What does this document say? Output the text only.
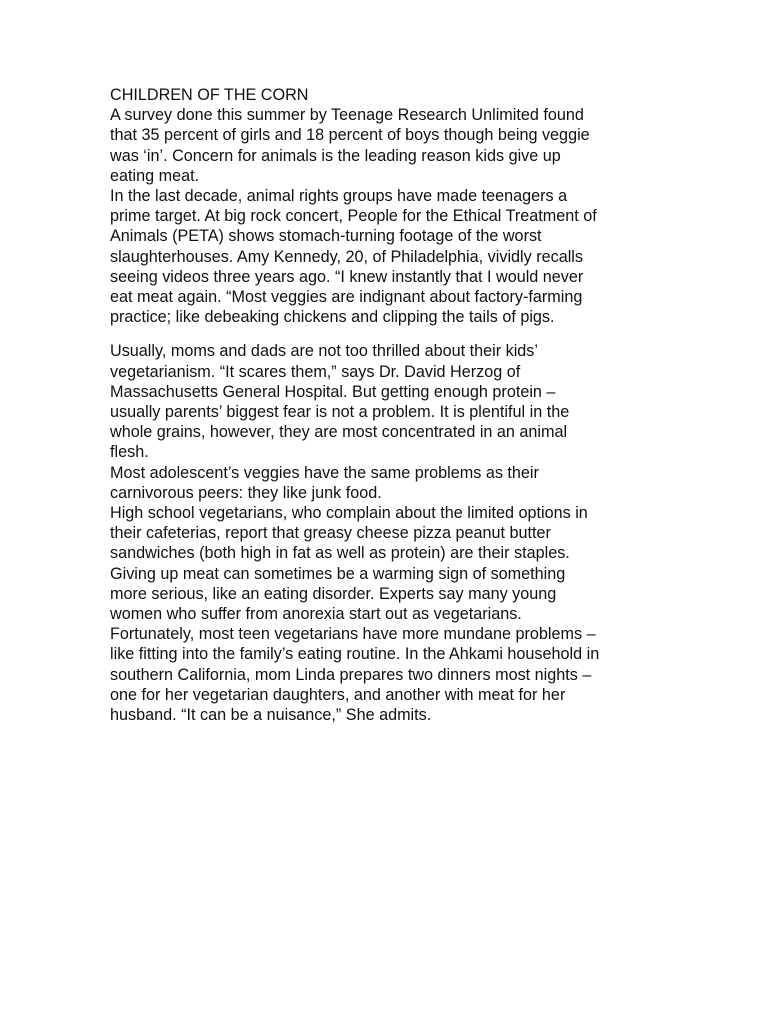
CHILDREN OF THE CORN
A survey done this summer by Teenage Research Unlimited found
that 35 percent of girls and 18 percent of boys though being veggie
was ‘in’. Concern for animals is the leading reason kids give up
eating meat.
In the last decade, animal rights groups have made teenagers a
prime target. At big rock concert, People for the Ethical Treatment of
Animals (PETA) shows stomach-turning footage of the worst
slaughterhouses. Amy Kennedy, 20, of Philadelphia, vividly recalls
seeing videos three years ago. “I knew instantly that I would never
eat meat again. “Most veggies are indignant about factory-farming
practice; like debeaking chickens and clipping the tails of pigs.
Usually, moms and dads are not too thrilled about their kids’
vegetarianism. “It scares them,” says Dr. David Herzog of
Massachusetts General Hospital. But getting enough protein –
usually parents’ biggest fear is not a problem. It is plentiful in the
whole grains, however, they are most concentrated in an animal
flesh.
Most adolescent’s veggies have the same problems as their
carnivorous peers: they like junk food.
High school vegetarians, who complain about the limited options in
their cafeterias, report that greasy cheese pizza peanut butter
sandwiches (both high in fat as well as protein) are their staples.
Giving up meat can sometimes be a warming sign of something
more serious, like an eating disorder. Experts say many young
women who suffer from anorexia start out as vegetarians.
Fortunately, most teen vegetarians have more mundane problems –
like fitting into the family’s eating routine. In the Ahkami household in
southern California, mom Linda prepares two dinners most nights –
one for her vegetarian daughters, and another with meat for her
husband. “It can be a nuisance,” She admits.
